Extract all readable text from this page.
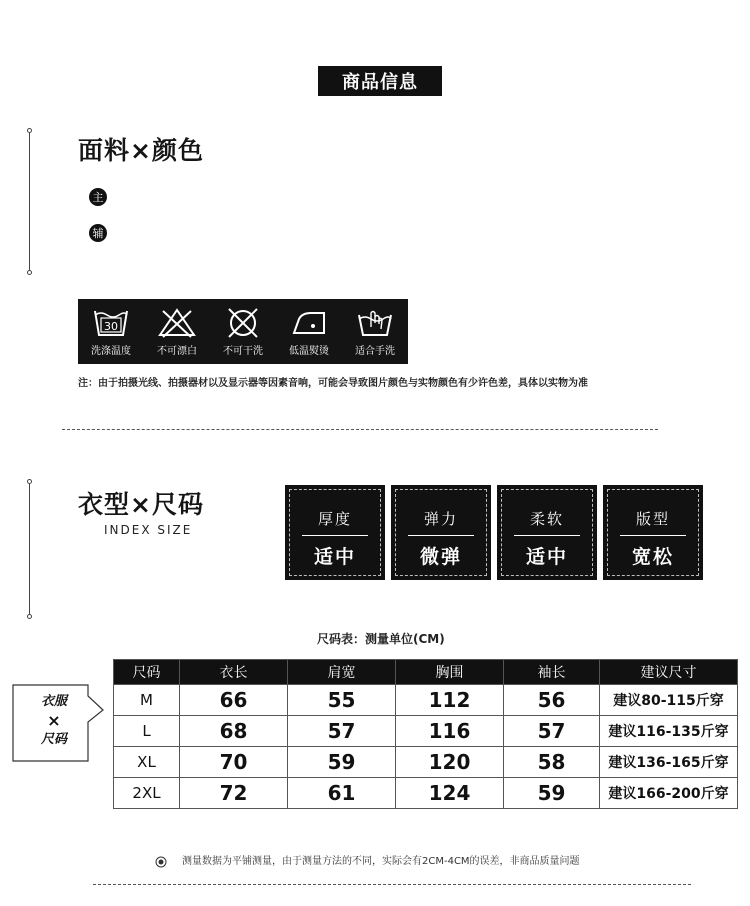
商品信息
面料×颜色
主
辅
30
洗涤温度	不可漂白	不可干洗	低温熨烫	适合手洗
注：由于拍摄光线、拍摄器材以及显示器等因素音响，可能会导致图片颜色与实物颜色有少许色差，具体以实物为准
衣型×尺码
INDEX SIZE
厚度
适中
弹力
微弹
柔软
适中
版型
宽松
尺码表：测量单位(CM)
衣服
×
尺码
尺码	衣长	肩宽	胸围	袖长	建议尺寸
M	66	55	112	56	建议80-115斤穿
L	68	57	116	57	建议116-135斤穿
XL	70	59	120	58	建议136-165斤穿
2XL	72	61	124	59	建议166-200斤穿
测量数据为平铺测量，由于测量方法的不同，实际会有2CM-4CM的误差，非商品质量问题
